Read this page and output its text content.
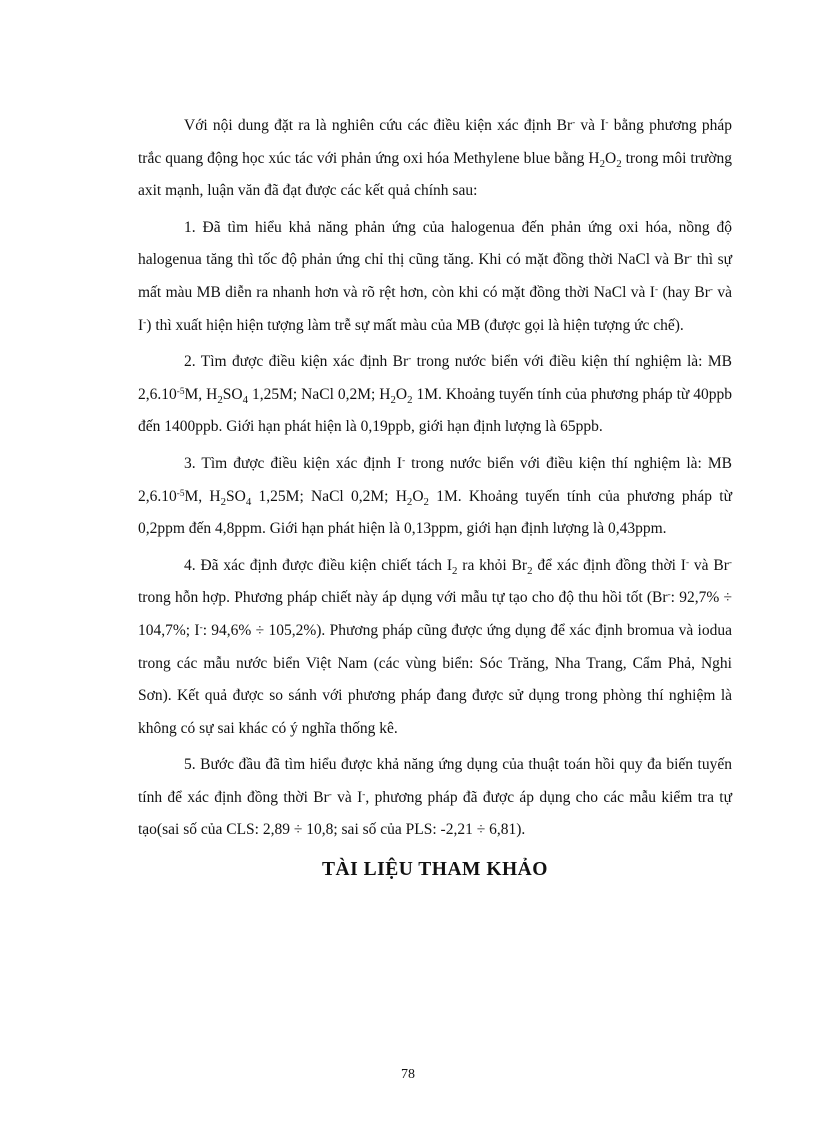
Với nội dung đặt ra là nghiên cứu các điều kiện xác định Br- và I- bằng phương pháp trắc quang động học xúc tác với phản ứng oxi hóa Methylene blue bằng $H_2O_2$ trong môi trường axit mạnh, luận văn đã đạt được các kết quả chính sau:

1. Đã tìm hiểu khả năng phản ứng của halogenua đến phản ứng oxi hóa, nồng độ halogenua tăng thì tốc độ phản ứng chỉ thị cũng tăng. Khi có mặt đồng thời NaCl và Br- thì sự mất màu MB diễn ra nhanh hơn và rõ rệt hơn, còn khi có mặt đồng thời NaCl và I- (hay Br- và I-) thì xuất hiện hiện tượng làm trễ sự mất màu của MB (được gọi là hiện tượng ức chế).

2. Tìm được điều kiện xác định Br- trong nước biển với điều kiện thí nghiệm là: MB $2,6.10^{-5}M$, $H_2SO_4$ 1,25M; NaCl 0,2M; $H_2O_2$ 1M. Khoảng tuyến tính của phương pháp từ 40ppb đến 1400ppb. Giới hạn phát hiện là 0,19ppb, giới hạn định lượng là 65ppb.

3. Tìm được điều kiện xác định I- trong nước biển với điều kiện thí nghiệm là: MB $2,6.10^{-5}M$, $H_2SO_4$ 1,25M; NaCl 0,2M; $H_2O_2$ 1M. Khoảng tuyến tính của phương pháp từ 0,2ppm đến 4,8ppm. Giới hạn phát hiện là 0,13ppm, giới hạn định lượng là 0,43ppm.

4. Đã xác định được điều kiện chiết tách $I_2$ ra khỏi $Br_2$ để xác định đồng thời I- và Br- trong hỗn hợp. Phương pháp chiết này áp dụng với mẫu tự tạo cho độ thu hồi tốt (Br-: 92,7% ÷ 104,7%; I-: 94,6% ÷ 105,2%). Phương pháp cũng được ứng dụng để xác định bromua và iodua trong các mẫu nước biển Việt Nam (các vùng biển: Sóc Trăng, Nha Trang, Cẩm Phả, Nghi Sơn). Kết quả được so sánh với phương pháp đang được sử dụng trong phòng thí nghiệm là không có sự sai khác có ý nghĩa thống kê.

5. Bước đầu đã tìm hiểu được khả năng ứng dụng của thuật toán hồi quy đa biến tuyến tính để xác định đồng thời Br- và I-, phương pháp đã được áp dụng cho các mẫu kiểm tra tự tạo(sai số của CLS: 2,89 ÷ 10,8; sai số của PLS: -2,21 ÷ 6,81).

TÀI LIỆU THAM KHẢO
78
